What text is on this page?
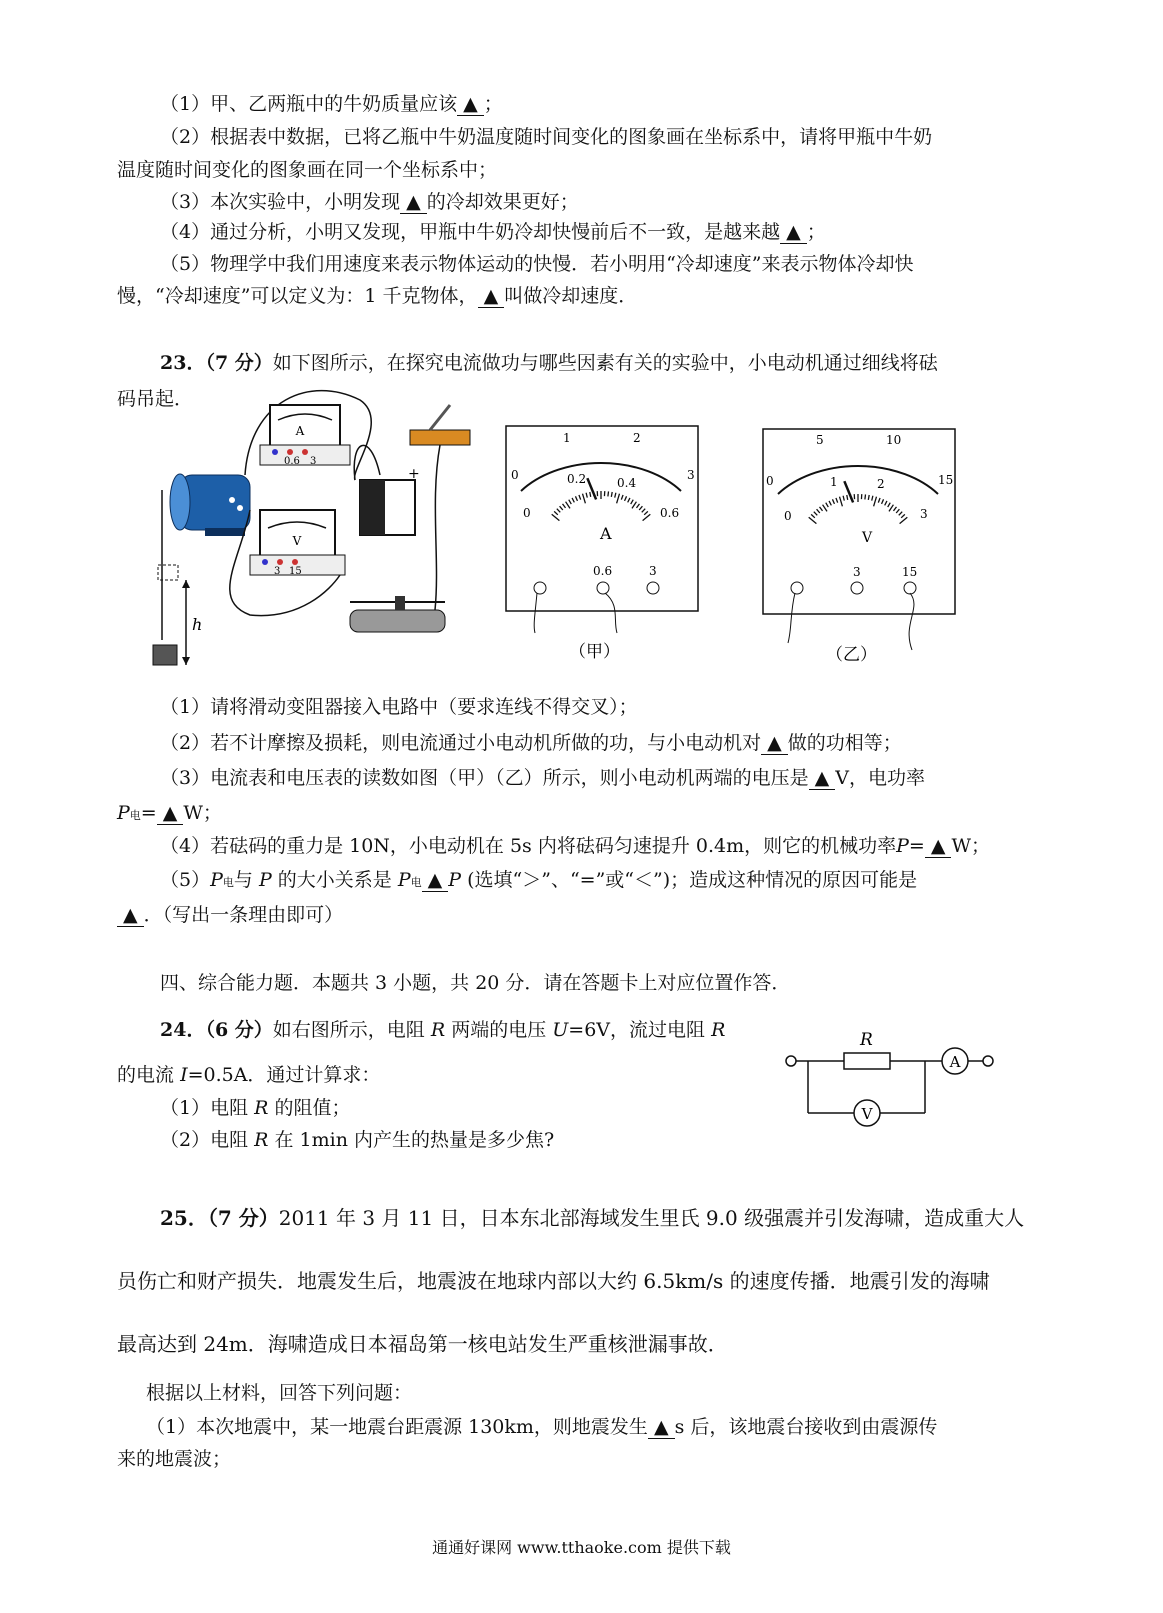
（1）甲、乙两瓶中的牛奶质量应该 ▲ ；
（2）根据表中数据，已将乙瓶中牛奶温度随时间变化的图象画在坐标系中，请将甲瓶中牛奶
温度随时间变化的图象画在同一个坐标系中；
（3）本次实验中，小明发现 ▲ 的冷却效果更好；
（4）通过分析，小明又发现，甲瓶中牛奶冷却快慢前后不一致，是越来越 ▲ ；
（5）物理学中我们用速度来表示物体运动的快慢．若小明用“冷却速度”来表示物体冷却快
慢，“冷却速度”可以定义为：1 千克物体， ▲ 叫做冷却速度．
23．（7 分）如下图所示，在探究电流做功与哪些因素有关的实验中，小电动机通过细线将砝
码吊起．
A
0.6 3
h
V
3 15
+	0
1	2
3
0
0.2	0.4
0.6
A
0.6	3
（甲）
0
5	10
15
0
1	2
3
V
3	15
（乙）
（1）请将滑动变阻器接入电路中（要求连线不得交叉）；
（2）若不计摩擦及损耗，则电流通过小电动机所做的功，与小电动机对 ▲ 做的功相等；
（3）电流表和电压表的读数如图（甲）（乙）所示，则小电动机两端的电压是 ▲ V，电功率
P电= ▲ W；
（4）若砝码的重力是 10N，小电动机在 5s 内将砝码匀速提升 0.4m，则它的机械功率P= ▲ W；
（5）P电与 P 的大小关系是 P电 ▲ P (选填“＞”、“=”或“＜”)；造成这种情况的原因可能是
▲ ．（写出一条理由即可）
四、综合能力题．本题共 3 小题，共 20 分．请在答题卡上对应位置作答．
24．（6 分）如右图所示，电阻 R 两端的电压 U=6V，流过电阻 R
的电流 I=0.5A．通过计算求：
（1）电阻 R 的阻值；
（2）电阻 R 在 1min 内产生的热量是多少焦?
R
A
V
25．（7 分）2011 年 3 月 11 日，日本东北部海域发生里氏 9.0 级强震并引发海啸，造成重大人
员伤亡和财产损失．地震发生后，地震波在地球内部以大约 6.5km/s 的速度传播．地震引发的海啸
最高达到 24m．海啸造成日本福岛第一核电站发生严重核泄漏事故．
根据以上材料，回答下列问题：
（1）本次地震中，某一地震台距震源 130km，则地震发生 ▲ s 后，该地震台接收到由震源传
来的地震波；
通通好课网 www.tthaoke.com 提供下载
